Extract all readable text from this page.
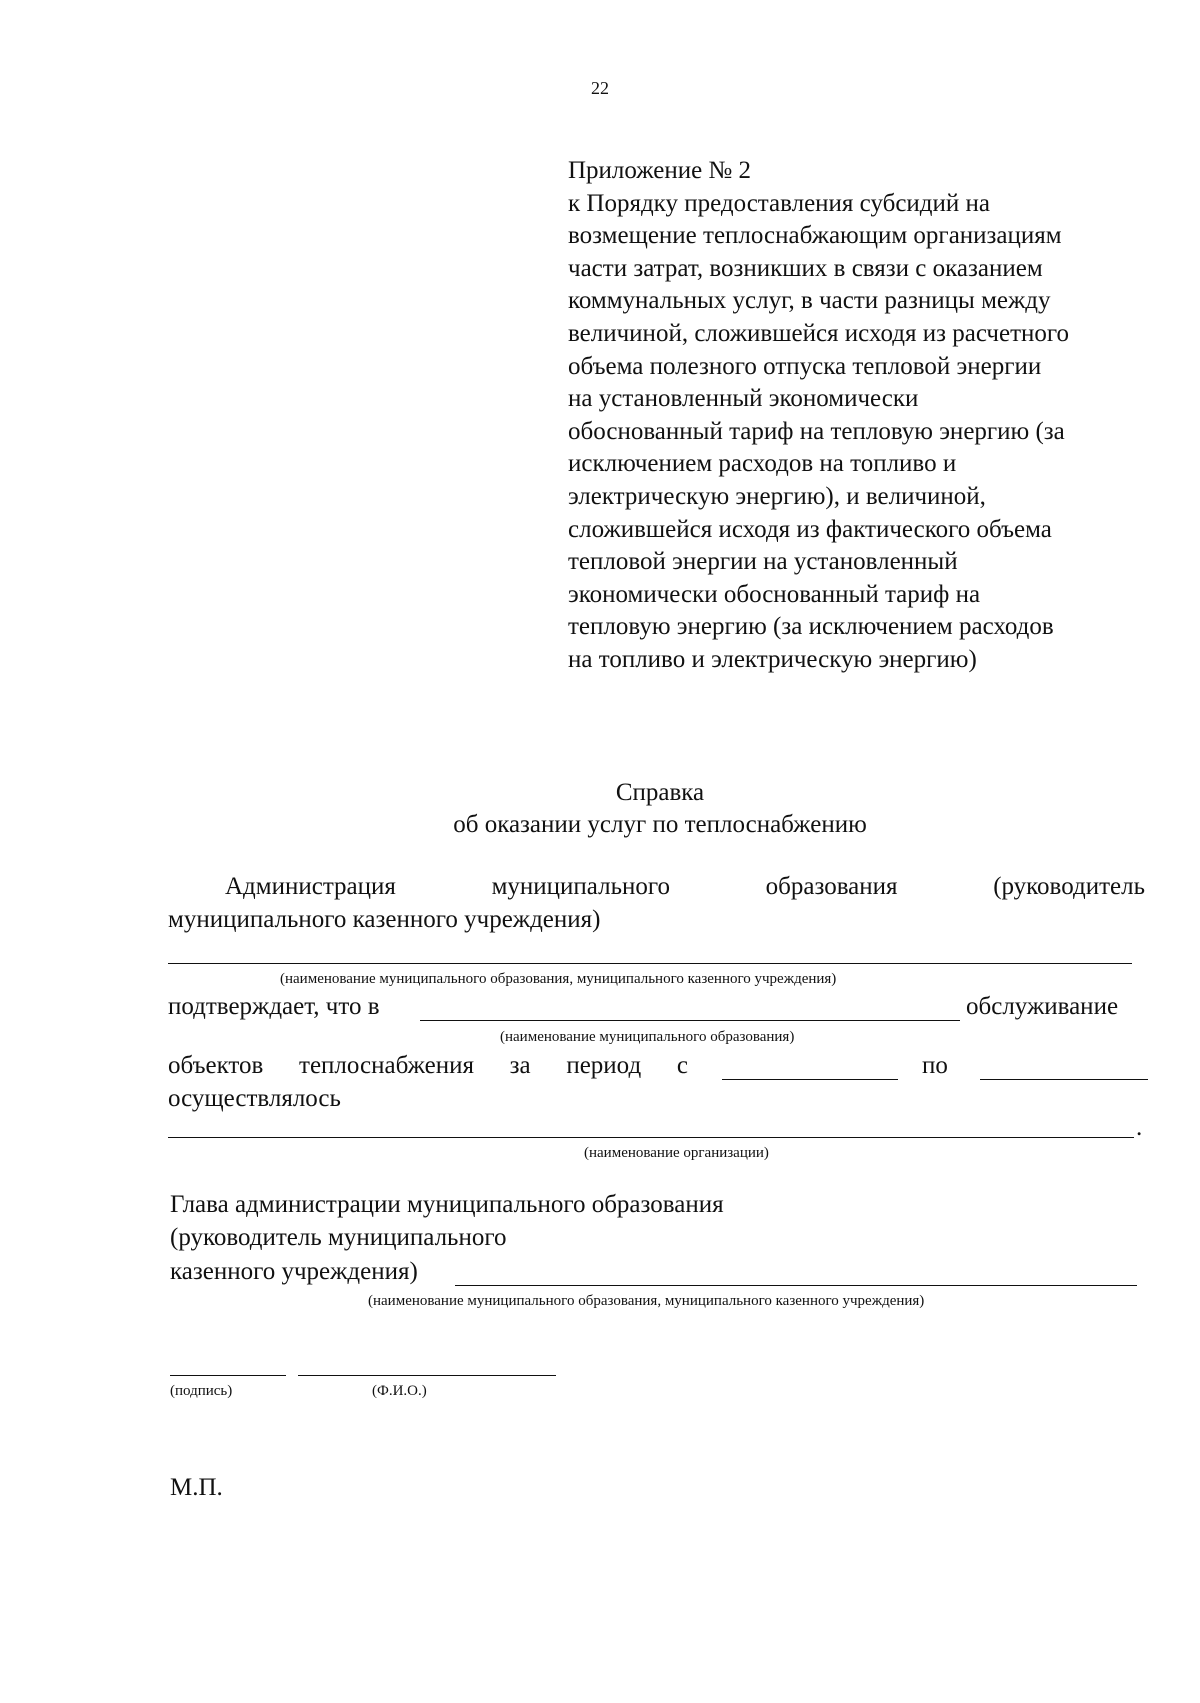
22
Приложение № 2
к Порядку предоставления субсидий на
возмещение теплоснабжающим организациям
части затрат, возникших в связи с оказанием
коммунальных услуг, в части разницы между
величиной, сложившейся исходя из расчетного
объема полезного отпуска тепловой энергии
на установленный экономически
обоснованный тариф на тепловую энергию (за
исключением расходов на топливо и
электрическую энергию), и величиной,
сложившейся исходя из фактического объема
тепловой энергии на установленный
экономически обоснованный тариф на
тепловую энергию (за исключением расходов
на топливо и электрическую энергию)
Справка
об оказании услуг по теплоснабжению
Администрация	муниципального	образования	(руководитель
муниципального казенного учреждения)
(наименование муниципального образования, муниципального казенного учреждения)
подтверждает, что в	обслуживание
(наименование муниципального образования)
объектов теплоснабжения за период с	по
осуществлялось
.
(наименование организации)
Глава администрации муниципального образования
(руководитель муниципального
казенного учреждения)
(наименование муниципального образования, муниципального казенного учреждения)
(подпись)	(Ф.И.О.)
М.П.
